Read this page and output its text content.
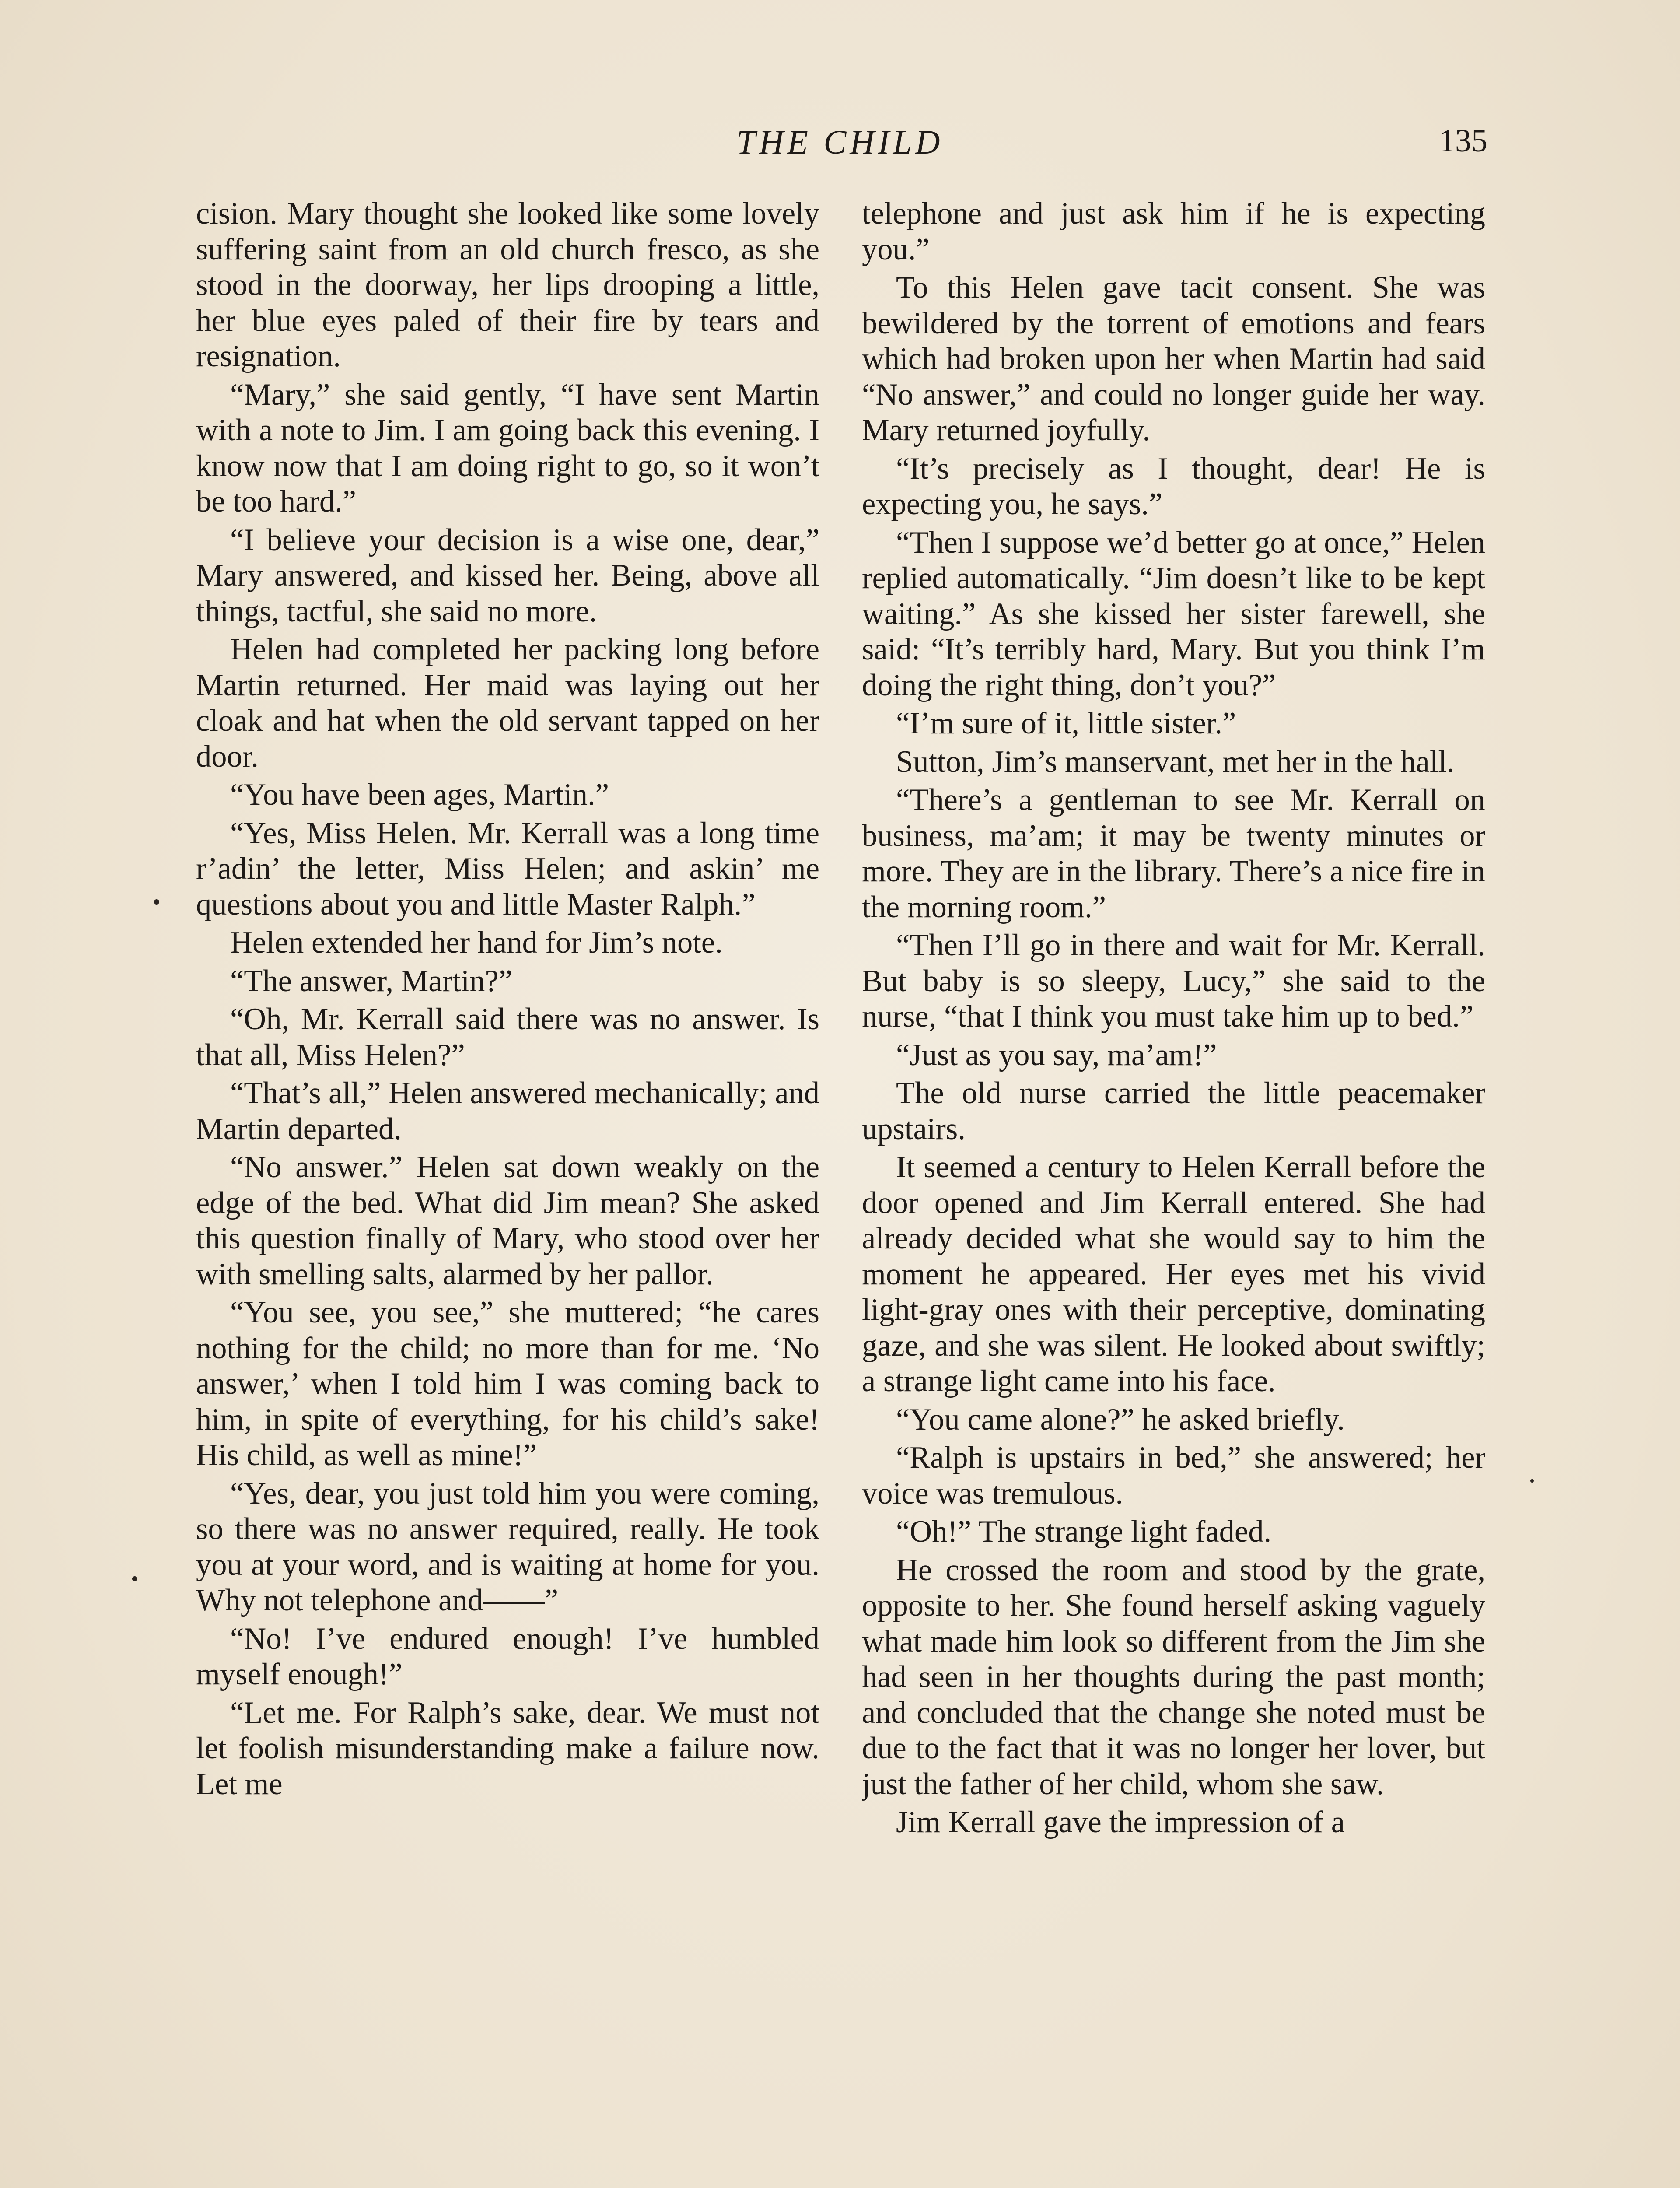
THE CHILD	135

cision. Mary thought she looked like some lovely suffering saint from an old church fresco, as she stood in the doorway, her lips drooping a little, her blue eyes paled of their fire by tears and resignation.

“Mary,” she said gently, “I have sent Martin with a note to Jim. I am going back this evening. I know now that I am doing right to go, so it won’t be too hard.”

“I believe your decision is a wise one, dear,” Mary answered, and kissed her. Being, above all things, tactful, she said no more.

Helen had completed her packing long before Martin returned. Her maid was laying out her cloak and hat when the old servant tapped on her door.

“You have been ages, Martin.”

“Yes, Miss Helen. Mr. Kerrall was a long time r’adin’ the letter, Miss Helen; and askin’ me questions about you and little Master Ralph.”

Helen extended her hand for Jim’s note.

“The answer, Martin?”

“Oh, Mr. Kerrall said there was no answer. Is that all, Miss Helen?”

“That’s all,” Helen answered mechanically; and Martin departed.

“No answer.” Helen sat down weakly on the edge of the bed. What did Jim mean? She asked this question finally of Mary, who stood over her with smelling salts, alarmed by her pallor.

“You see, you see,” she muttered; “he cares nothing for the child; no more than for me. ‘No answer,’ when I told him I was coming back to him, in spite of everything, for his child’s sake! His child, as well as mine!”

“Yes, dear, you just told him you were coming, so there was no answer required, really. He took you at your word, and is waiting at home for you. Why not telephone and——”

“No! I’ve endured enough! I’ve humbled myself enough!”

“Let me. For Ralph’s sake, dear. We must not let foolish misunderstanding make a failure now. Let me

telephone and just ask him if he is expecting you.”

To this Helen gave tacit consent. She was bewildered by the torrent of emotions and fears which had broken upon her when Martin had said “No answer,” and could no longer guide her way. Mary returned joyfully.

“It’s precisely as I thought, dear! He is expecting you, he says.”

“Then I suppose we’d better go at once,” Helen replied automatically. “Jim doesn’t like to be kept waiting.” As she kissed her sister farewell, she said: “It’s terribly hard, Mary. But you think I’m doing the right thing, don’t you?”

“I’m sure of it, little sister.”

Sutton, Jim’s manservant, met her in the hall.

“There’s a gentleman to see Mr. Kerrall on business, ma’am; it may be twenty minutes or more. They are in the library. There’s a nice fire in the morning room.”

“Then I’ll go in there and wait for Mr. Kerrall. But baby is so sleepy, Lucy,” she said to the nurse, “that I think you must take him up to bed.”

“Just as you say, ma’am!”

The old nurse carried the little peacemaker upstairs.

It seemed a century to Helen Kerrall before the door opened and Jim Kerrall entered. She had already decided what she would say to him the moment he appeared. Her eyes met his vivid light-gray ones with their perceptive, dominating gaze, and she was silent. He looked about swiftly; a strange light came into his face.

“You came alone?” he asked briefly.

“Ralph is upstairs in bed,” she answered; her voice was tremulous.

“Oh!” The strange light faded.

He crossed the room and stood by the grate, opposite to her. She found herself asking vaguely what made him look so different from the Jim she had seen in her thoughts during the past month; and concluded that the change she noted must be due to the fact that it was no longer her lover, but just the father of her child, whom she saw.

Jim Kerrall gave the impression of a
